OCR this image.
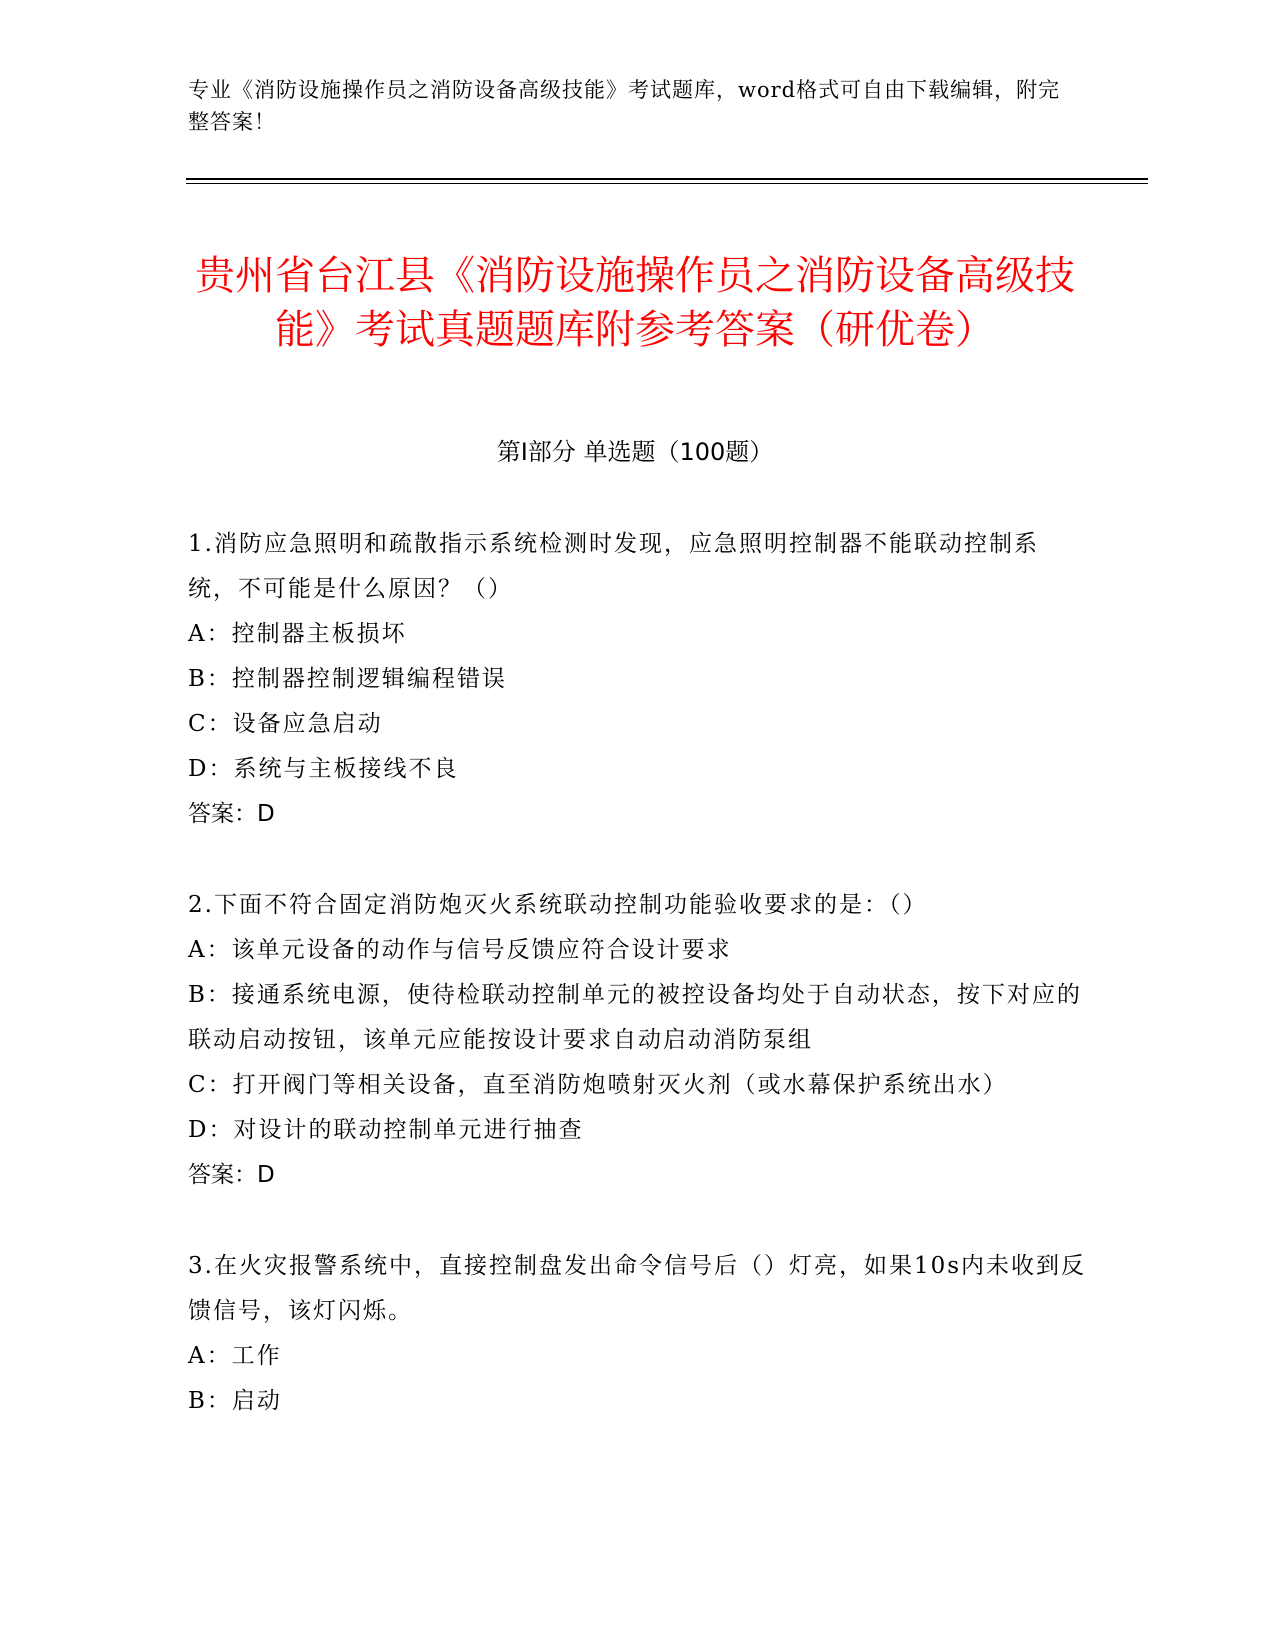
专业《消防设施操作员之消防设备高级技能》考试题库，word格式可自由下载编辑，附完整答案！
贵州省台江县《消防设施操作员之消防设备高级技能》考试真题题库附参考答案（研优卷）
第I部分 单选题（100题）

1.消防应急照明和疏散指示系统检测时发现，应急照明控制器不能联动控制系统，不可能是什么原因？（）

A：控制器主板损坏

B：控制器控制逻辑编程错误

C：设备应急启动

D：系统与主板接线不良

答案：D

2.下面不符合固定消防炮灭火系统联动控制功能验收要求的是：（）

A：该单元设备的动作与信号反馈应符合设计要求

B：接通系统电源，使待检联动控制单元的被控设备均处于自动状态，按下对应的联动启动按钮，该单元应能按设计要求自动启动消防泵组

C：打开阀门等相关设备，直至消防炮喷射灭火剂（或水幕保护系统出水）

D：对设计的联动控制单元进行抽查

答案：D

3.在火灾报警系统中，直接控制盘发出命令信号后（）灯亮，如果10s内未收到反馈信号，该灯闪烁。

A：工作

B：启动
